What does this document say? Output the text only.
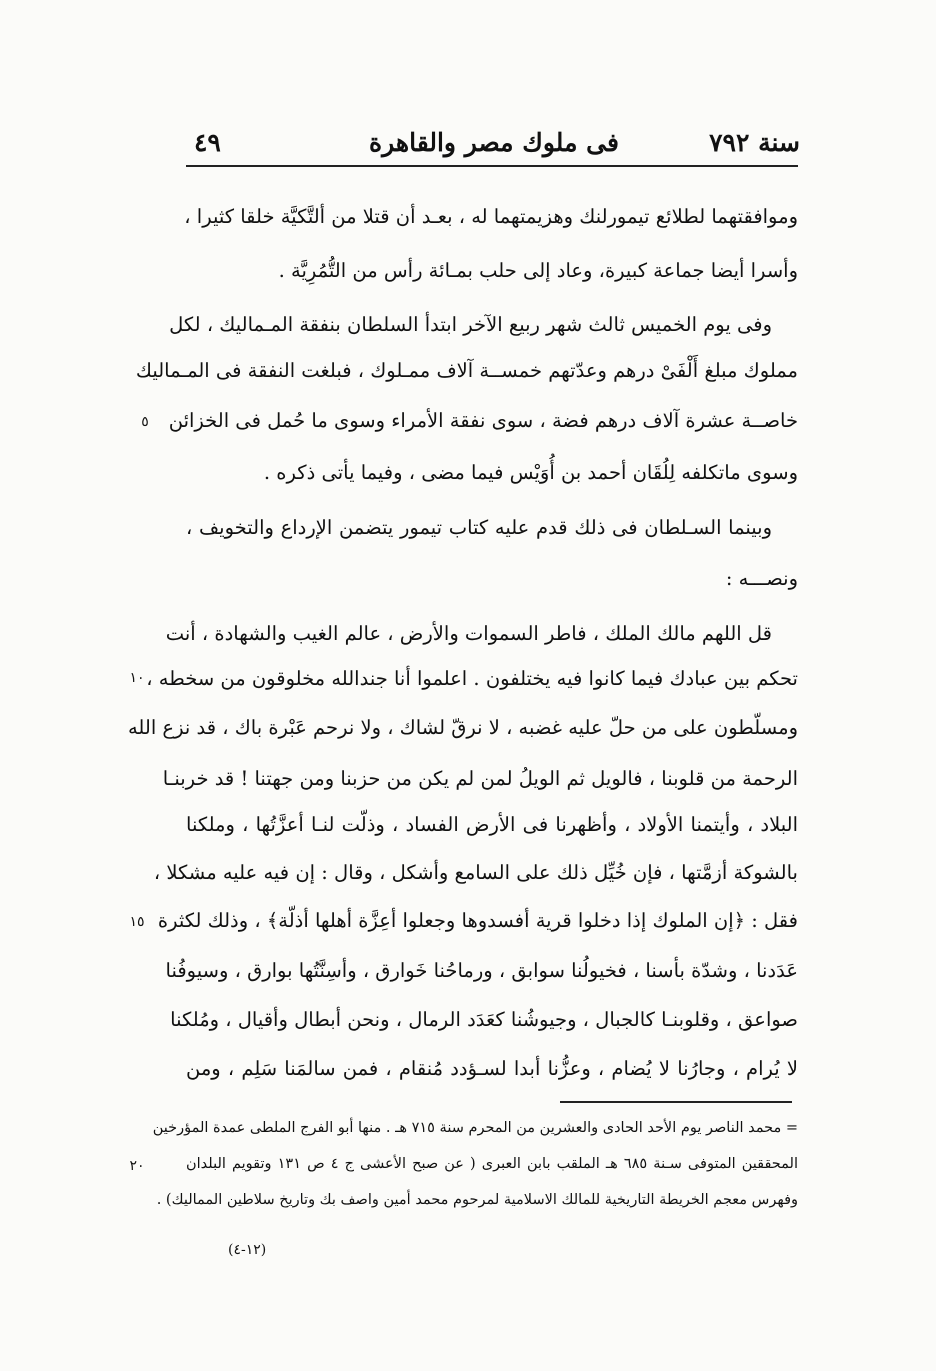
سنة ٧٩٢
فى ملوك مصر والقاهرة
٤٩
وموافقتهما لطلائع تيمورلنك وهزيمتهما له ، بعـد أن قتلا من ألتَّكيَّة خلقا كثيرا ،
وأسرا أيضا جماعة كبيرة، وعاد إلى حلب بمـائة رأس من التُّمُرِيَّة .
وفى يوم الخميس ثالث شهر ربيع الآخر ابتدأ السلطان بنفقة المـماليك ، لكل
مملوك مبلغ أَلْفَىْ درهم وعدّتهم خمســة آلاف ممـلوك ، فبلغت النفقة فى المـماليك
خاصــة عشرة آلاف درهم فضة ، سوى نفقة الأمراء وسوى ما حُمل فى الخزائن
وسوى ماتكلفه لِلُقَان أحمد بن أُوَيْس فيما مضى ، وفيما يأتى ذكره .
وبينما السـلطان فى ذلك قدم عليه كتاب تيمور يتضمن الإرداع والتخويف ،
ونصـــه :
قل اللهم مالك الملك ، فاطر السموات والأرض ، عالم الغيب والشهادة ، أنت
تحكم بين عبادك فيما كانوا فيه يختلفون . اعلموا أنا جندالله مخلوقون من سخطه ،
ومسلّطون على من حلّ عليه غضبه ، لا نرقّ لشاك ، ولا نرحم عَبْرة باك ، قد نزع الله
الرحمة من قلوبنا ، فالويل ثم الويلُ لمن لم يكن من حزبنا ومن جهتنا ! قد خربنـا
البلاد ، وأيتمنا الأولاد ، وأظهرنا فى الأرض الفساد ، وذلّت لنـا أعزَّتُها ، وملكنا
بالشوكة أزمَّتها ، فإن خُيِّل ذلك على السامع وأشكل ، وقال : إن فيه عليه مشكلا ،
فقل : ﴿إن الملوك إذا دخلوا قرية أفسدوها وجعلوا أعِزَّة أهلها أذلّة﴾ ، وذلك لكثرة
عَدَدنا ، وشدّة بأسنا ، فخيولُنا سوابق ، ورماحُنا خَوارق ، وأسِنَّتُها بوارق ، وسيوفُنا
صواعق ، وقلوبنـا كالجبال ، وجيوشُنا كعَدَد الرمال ، ونحن أبطال وأقيال ، ومُلكنا
لا يُرام ، وجارُنا لا يُضام ، وعزُّنا أبدا لسـؤدد مُنقام ، فمن سالمَنا سَلِم ، ومن
= محمد الناصر يوم الأحد الحادى والعشرين من المحرم سنة ٧١٥ هـ . منها أبو الفرج الملطى عمدة المؤرخين
المحققين المتوفى سـنة ٦٨٥ هـ الملقب بابن العبرى ( عن صبح الأعشى ج ٤ ص ١٣١ وتقويم البلدان
وفهرس معجم الخريطة التاريخية للمالك الاسلامية لمرحوم محمد أمين واصف بك وتاريخ سلاطين المماليك) .
٥
١٠
١٥
٢٠
(١٢-٤)
